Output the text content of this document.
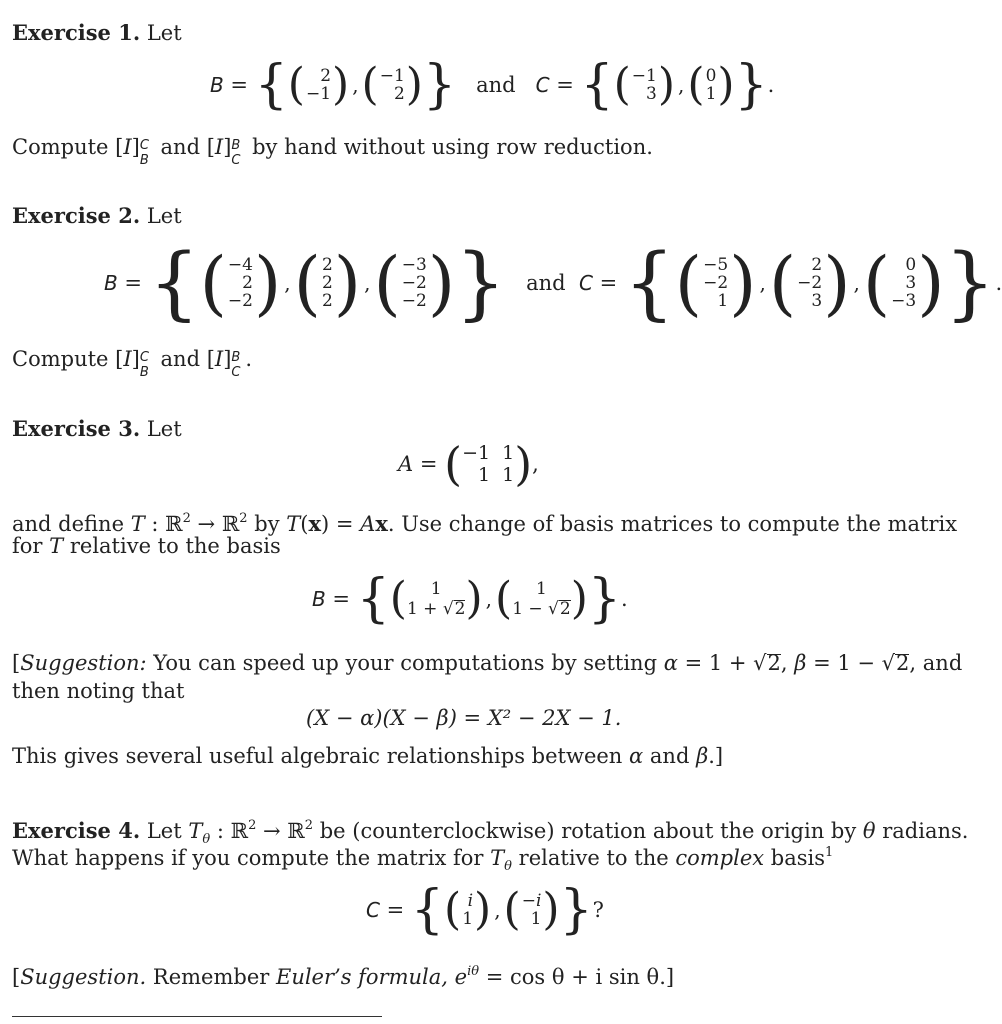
Exercise 1. Let
B = { ( 2
−1 ) , ( −1
2 ) }
and
C = { ( −1
3 ) , ( 0
1 ) } .
Compute [I] C
B
and [I] B
C
by hand without using row reduction.
Exercise 2. Let
B = { ( −4
2
−2 ) , ( 2
2
2 ) , ( −3
−2
−2 ) }
and
C = { ( −5
−2
1 ) , ( 2
−2
3 ) , ( 0
3
−3 ) } .
Compute [I] C
B
and [I] B
C
.
Exercise 3. Let
A = ( −1 1
1 1 ) ,
and define T : ℝ$^2$ → ℝ$^2$ by T(x) = Ax. Use change of basis matrices to compute the matrix
for T relative to the basis
B = { ( 1
1 + √2 ) , ( 1
1 − √2 ) } .
[Suggestion: You can speed up your computations by setting α = 1 + √2, β = 1 − √2, and
then noting that
(X − α)(X − β) = X² − 2X − 1.
This gives several useful algebraic relationships between α and β.]
Exercise 4. Let $T_\theta$ : ℝ$^2$ → ℝ$^2$ be (counterclockwise) rotation about the origin by θ radians.
What happens if you compute the matrix for $T_\theta$ relative to the complex basis$^1$
C = { ( i
1 ) , ( −i
1 ) } ?
[Suggestion. Remember Euler’s formula, $e^{i\theta} = \cos \theta + i$ sin θ.]
